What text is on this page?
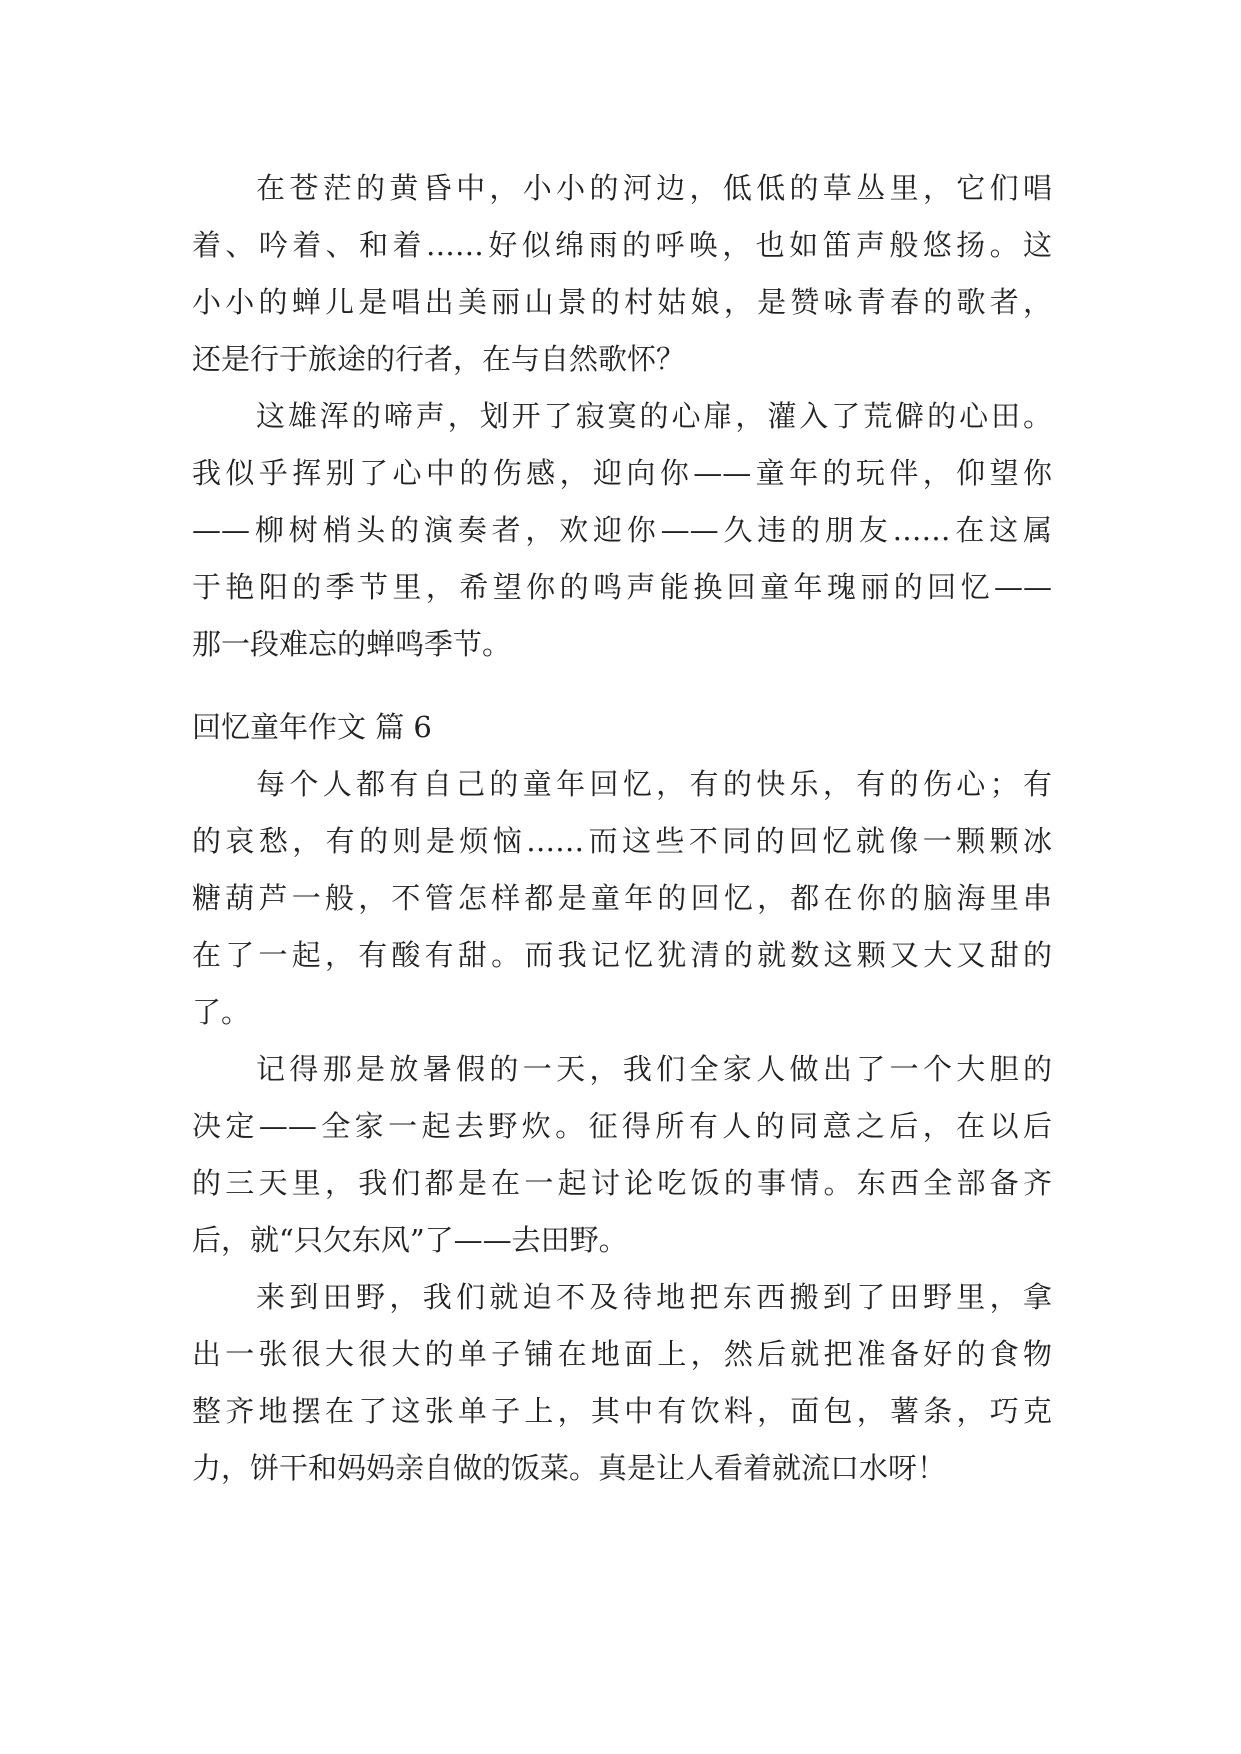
在苍茫的黄昏中，小小的河边，低低的草丛里，它们唱
着、吟着、和着……好似绵雨的呼唤，也如笛声般悠扬。这
小小的蝉儿是唱出美丽山景的村姑娘，是赞咏青春的歌者，
还是行于旅途的行者，在与自然歌怀？
这雄浑的啼声，划开了寂寞的心扉，灌入了荒僻的心田。
我似乎挥别了心中的伤感，迎向你——童年的玩伴，仰望你
——柳树梢头的演奏者，欢迎你——久违的朋友……在这属
于艳阳的季节里，希望你的鸣声能换回童年瑰丽的回忆——
那一段难忘的蝉鸣季节。
回忆童年作文 篇 6
每个人都有自己的童年回忆，有的快乐，有的伤心；有
的哀愁，有的则是烦恼……而这些不同的回忆就像一颗颗冰
糖葫芦一般，不管怎样都是童年的回忆，都在你的脑海里串
在了一起，有酸有甜。而我记忆犹清的就数这颗又大又甜的
了。
记得那是放暑假的一天，我们全家人做出了一个大胆的
决定——全家一起去野炊。征得所有人的同意之后，在以后
的三天里，我们都是在一起讨论吃饭的事情。东西全部备齐
后，就“只欠东风”了——去田野。
来到田野，我们就迫不及待地把东西搬到了田野里，拿
出一张很大很大的单子铺在地面上，然后就把准备好的食物
整齐地摆在了这张单子上，其中有饮料，面包，薯条，巧克
力，饼干和妈妈亲自做的饭菜。真是让人看着就流口水呀！
